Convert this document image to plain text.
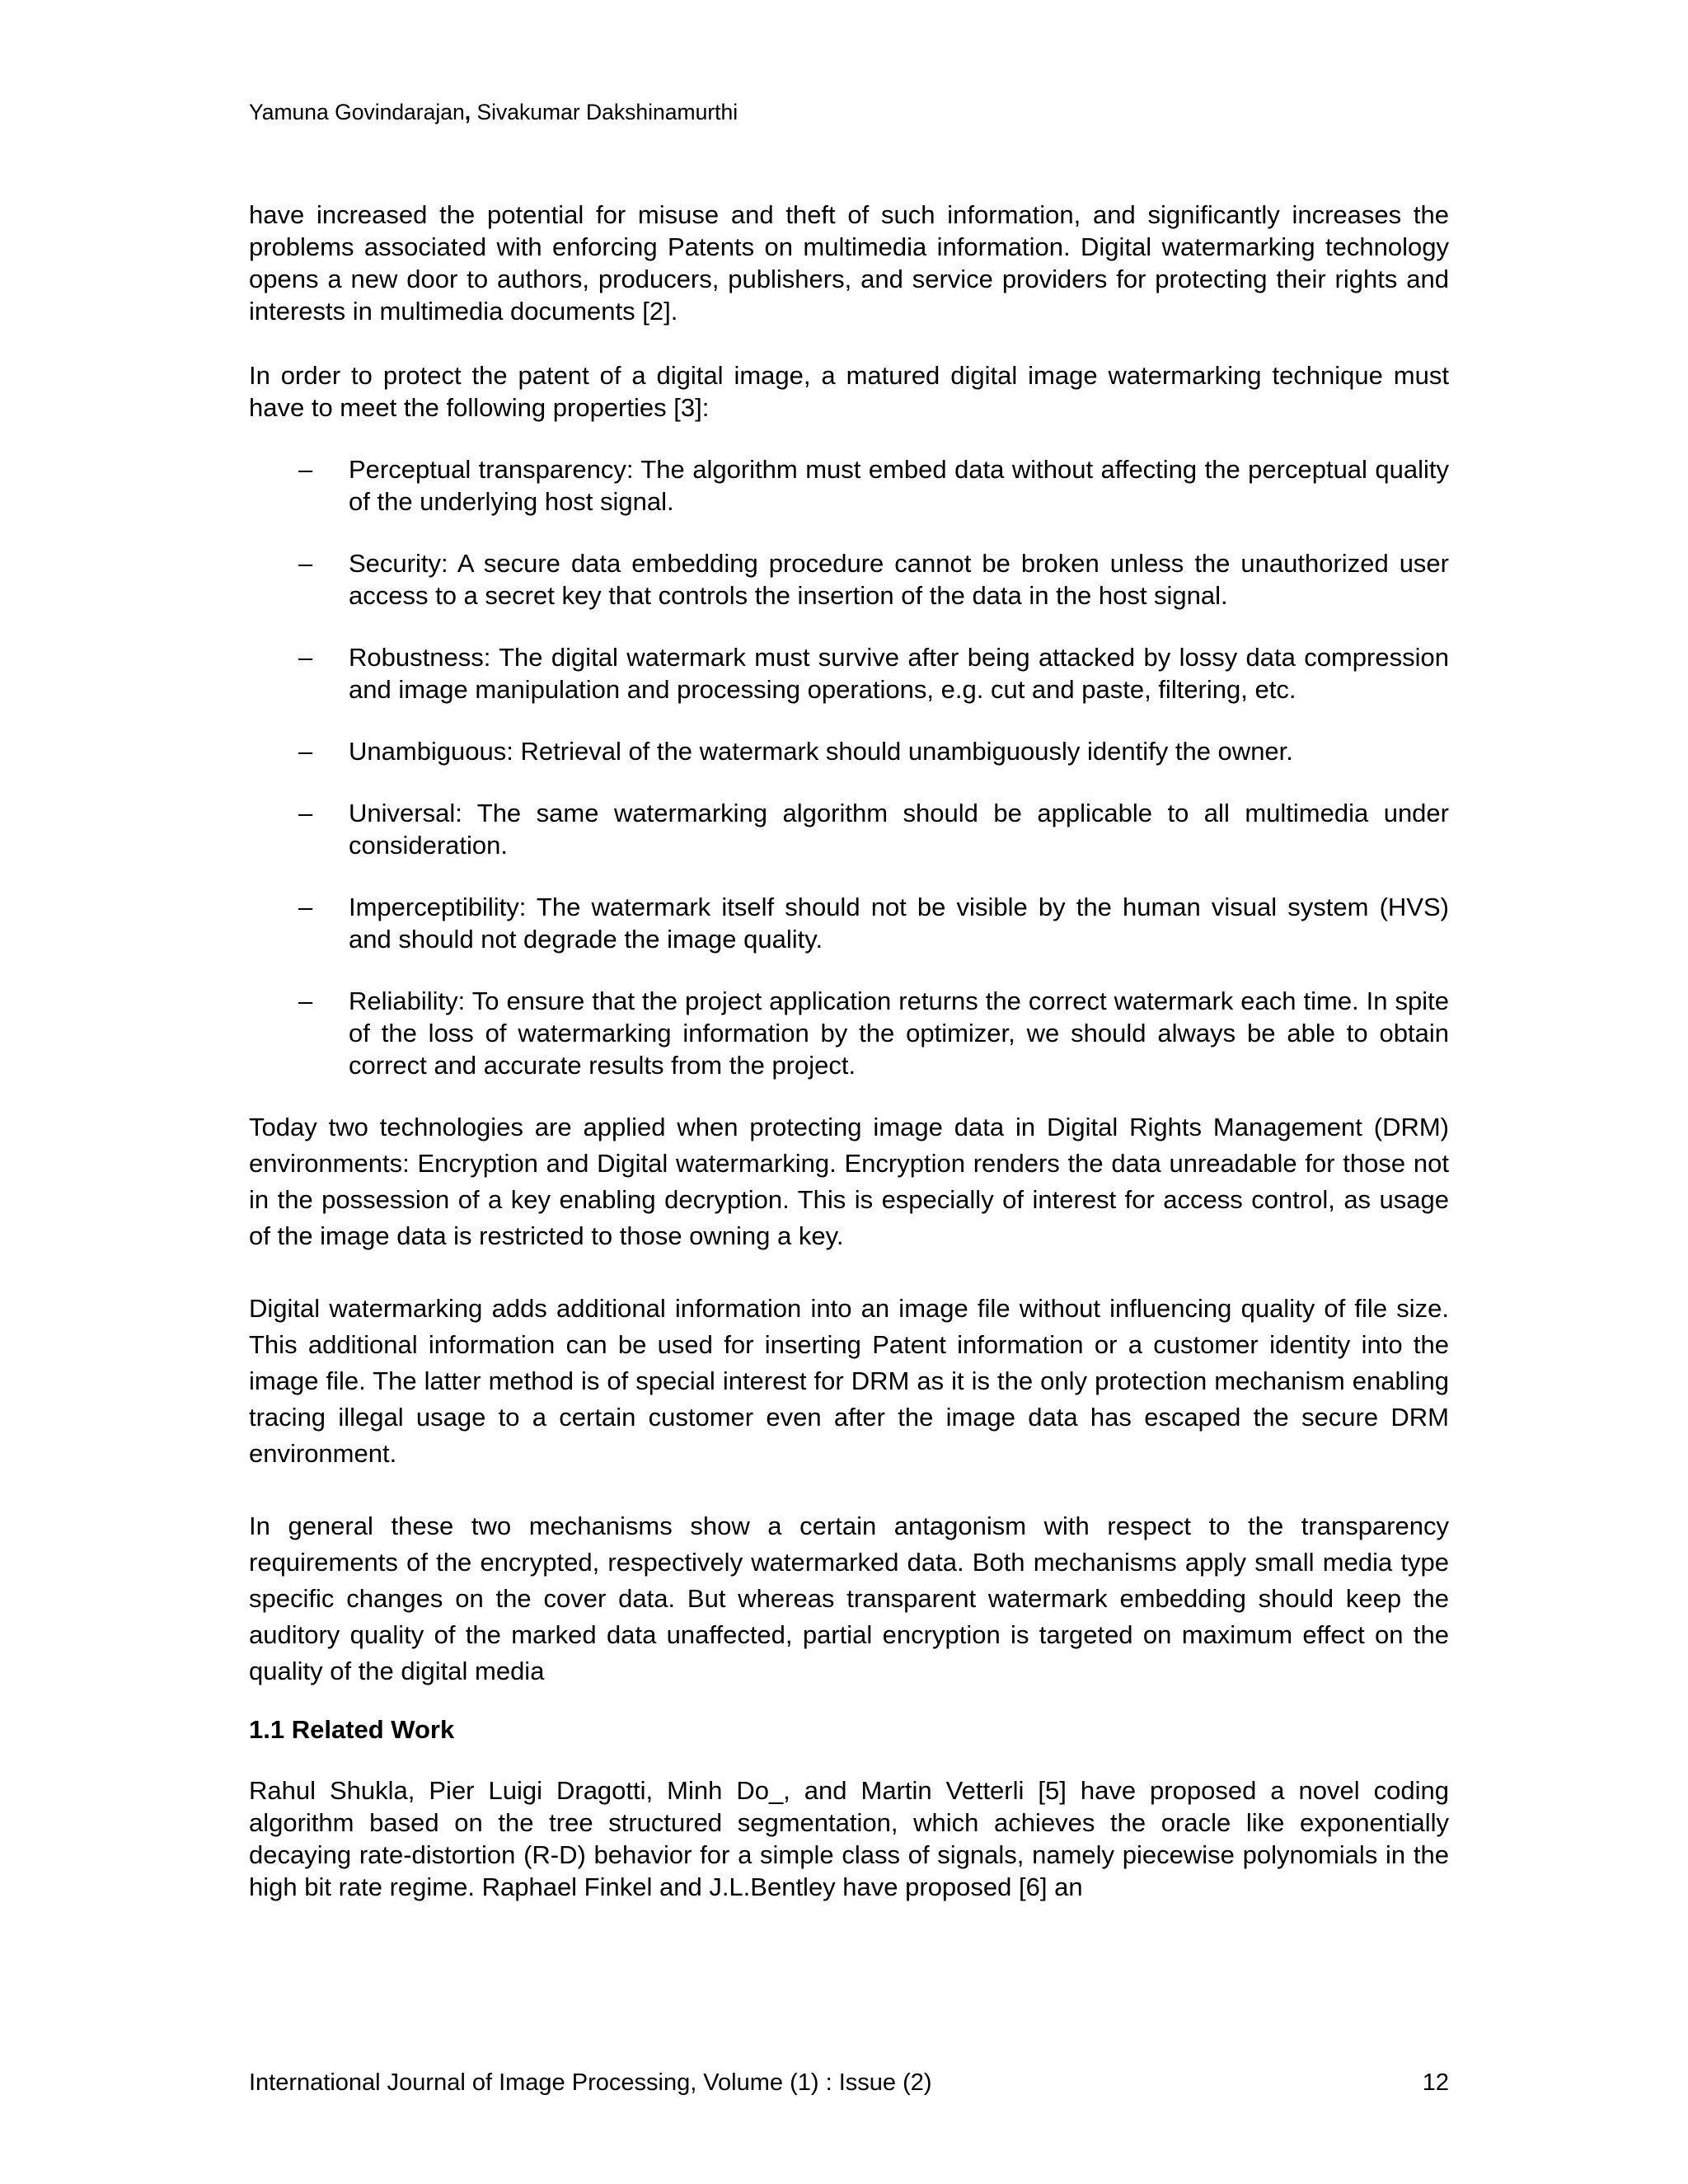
Yamuna Govindarajan, Sivakumar Dakshinamurthi

have increased the potential for misuse and theft of such information, and significantly increases the problems associated with enforcing Patents on multimedia information. Digital watermarking technology opens a new door to authors, producers, publishers, and service providers for protecting their rights and interests in multimedia documents [2].

In order to protect the patent of a digital image, a matured digital image watermarking technique must have to meet the following properties [3]:

– Perceptual transparency: The algorithm must embed data without affecting the perceptual quality of the underlying host signal.
– Security: A secure data embedding procedure cannot be broken unless the unauthorized user access to a secret key that controls the insertion of the data in the host signal.
– Robustness: The digital watermark must survive after being attacked by lossy data compression and image manipulation and processing operations, e.g. cut and paste, filtering, etc.
– Unambiguous: Retrieval of the watermark should unambiguously identify the owner.
– Universal: The same watermarking algorithm should be applicable to all multimedia under consideration.
– Imperceptibility: The watermark itself should not be visible by the human visual system (HVS) and should not degrade the image quality.
– Reliability: To ensure that the project application returns the correct watermark each time. In spite of the loss of watermarking information by the optimizer, we should always be able to obtain correct and accurate results from the project.

Today two technologies are applied when protecting image data in Digital Rights Management (DRM) environments: Encryption and Digital watermarking. Encryption renders the data unreadable for those not in the possession of a key enabling decryption. This is especially of interest for access control, as usage of the image data is restricted to those owning a key.

Digital watermarking adds additional information into an image file without influencing quality of file size. This additional information can be used for inserting Patent information or a customer identity into the image file. The latter method is of special interest for DRM as it is the only protection mechanism enabling tracing illegal usage to a certain customer even after the image data has escaped the secure DRM environment.

In general these two mechanisms show a certain antagonism with respect to the transparency requirements of the encrypted, respectively watermarked data. Both mechanisms apply small media type specific changes on the cover data. But whereas transparent watermark embedding should keep the auditory quality of the marked data unaffected, partial encryption is targeted on maximum effect on the quality of the digital media

1.1 Related Work

Rahul Shukla, Pier Luigi Dragotti, Minh Do_, and Martin Vetterli [5] have proposed a novel coding algorithm based on the tree structured segmentation, which achieves the oracle like exponentially decaying rate-distortion (R-D) behavior for a simple class of signals, namely piecewise polynomials in the high bit rate regime. Raphael Finkel and J.L.Bentley have proposed [6] an

International Journal of Image Processing, Volume (1) : Issue (2)	12
